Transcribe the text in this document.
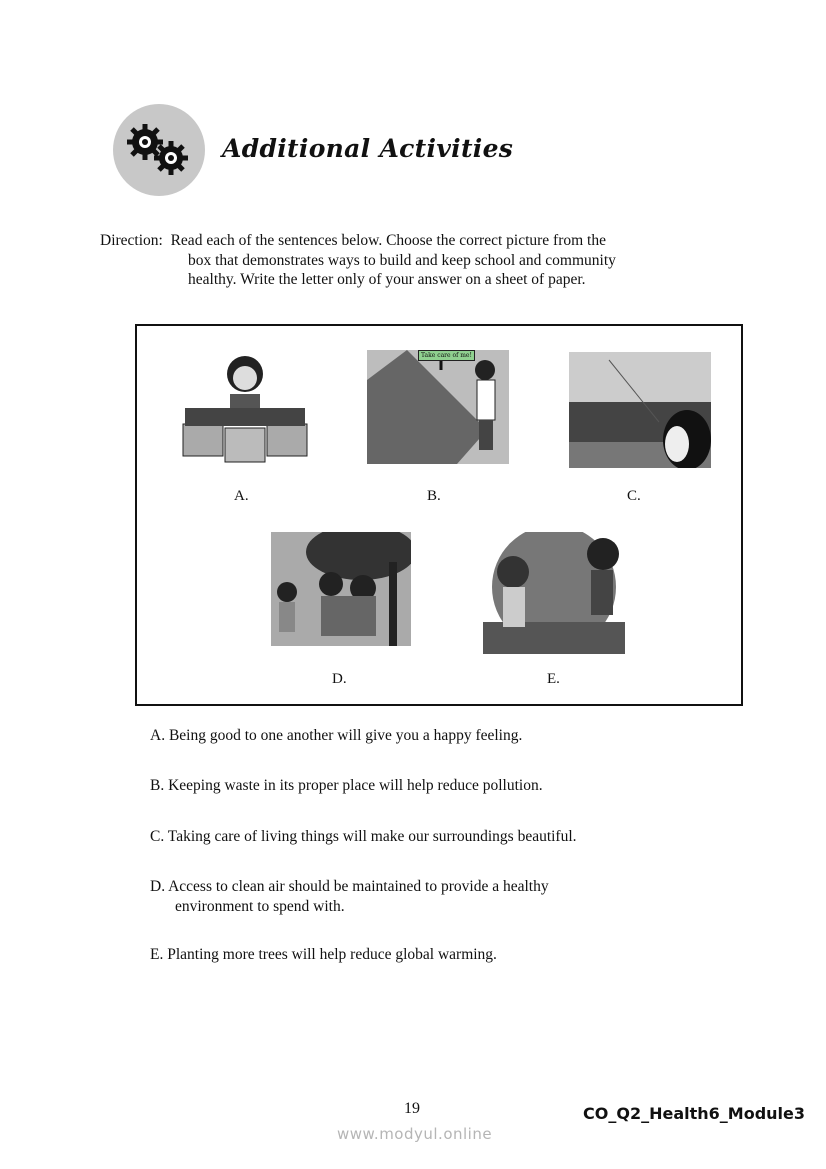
Additional Activities
Direction: Read each of the sentences below. Choose the correct picture from the
box that demonstrates ways to build and keep school and community
healthy. Write the letter only of your answer on a sheet of paper.
Take care of me!
A.	B.	C.
D.	E.
A. Being good to one another will give you a happy feeling.
B. Keeping waste in its proper place will help reduce pollution.
C. Taking care of living things will make our surroundings beautiful.
D. Access to clean air should be maintained to provide a healthy
environment to spend with.
E. Planting more trees will help reduce global warming.
19	CO_Q2_Health6_Module3
www.modyul.online
